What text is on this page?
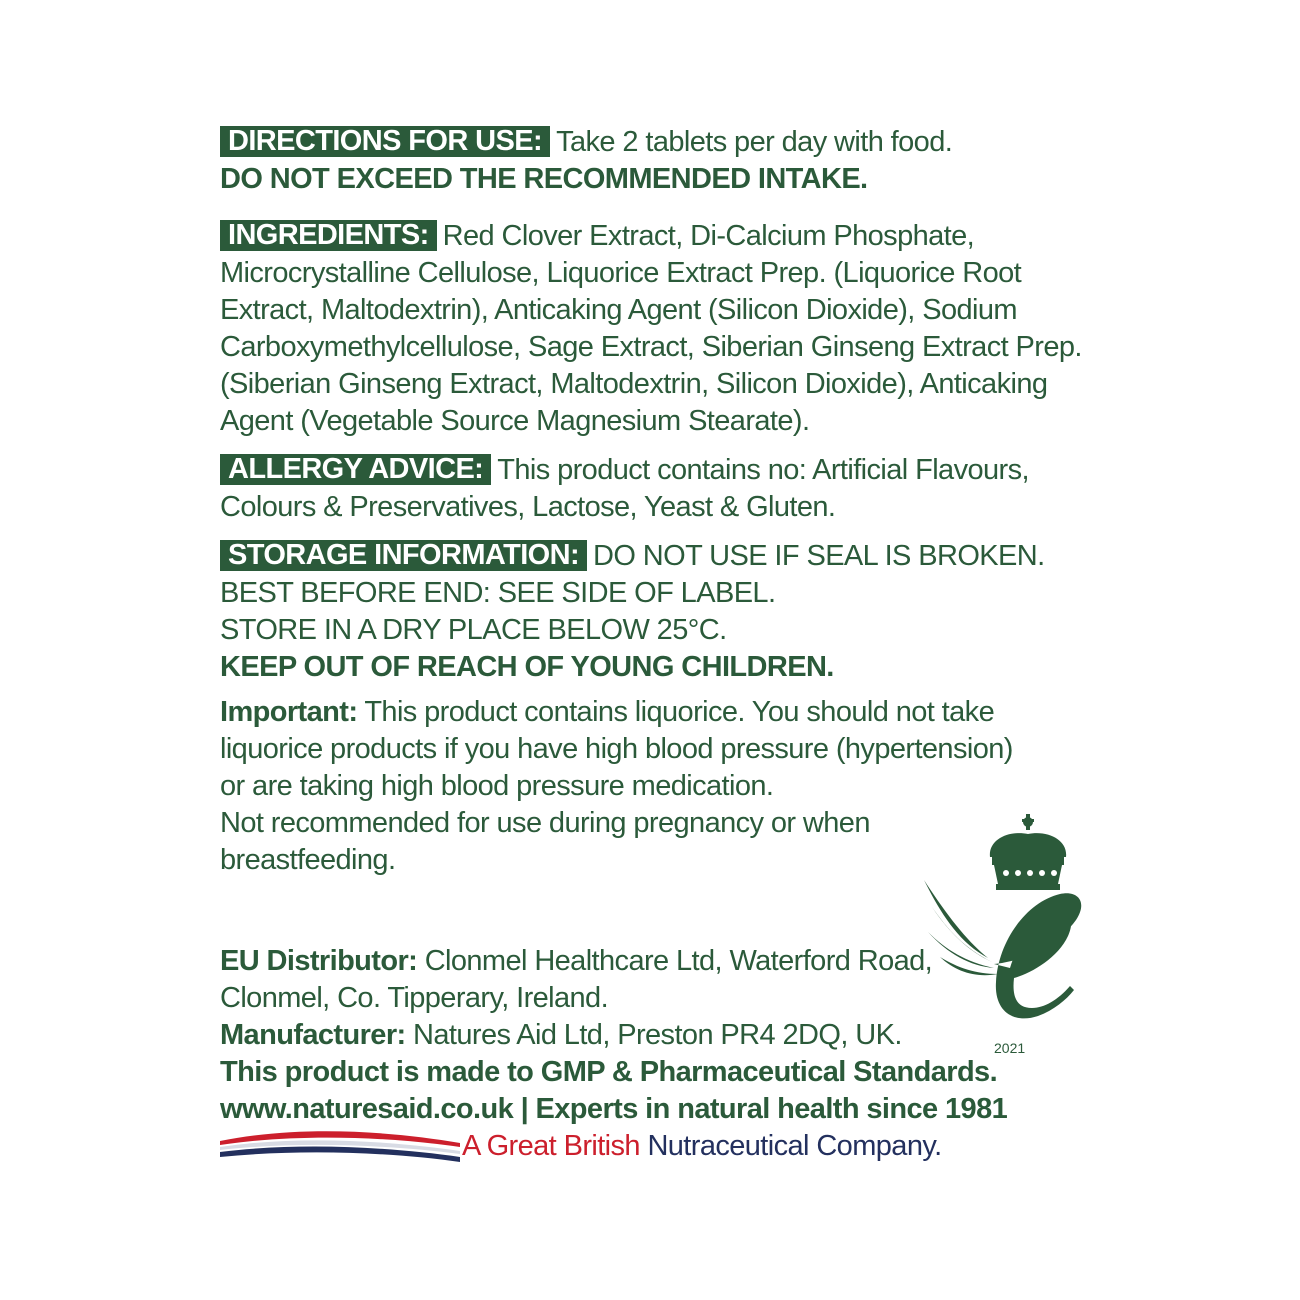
DIRECTIONS FOR USE: Take 2 tablets per day with food.
DO NOT EXCEED THE RECOMMENDED INTAKE.
INGREDIENTS: Red Clover Extract, Di-Calcium Phosphate,
Microcrystalline Cellulose, Liquorice Extract Prep. (Liquorice Root
Extract, Maltodextrin), Anticaking Agent (Silicon Dioxide), Sodium
Carboxymethylcellulose, Sage Extract, Siberian Ginseng Extract Prep.
(Siberian Ginseng Extract, Maltodextrin, Silicon Dioxide), Anticaking
Agent (Vegetable Source Magnesium Stearate).
ALLERGY ADVICE: This product contains no: Artificial Flavours,
Colours & Preservatives, Lactose, Yeast & Gluten.
STORAGE INFORMATION: DO NOT USE IF SEAL IS BROKEN.
BEST BEFORE END: SEE SIDE OF LABEL.
STORE IN A DRY PLACE BELOW 25°C.
KEEP OUT OF REACH OF YOUNG CHILDREN.
Important: This product contains liquorice. You should not take
liquorice products if you have high blood pressure (hypertension)
or are taking high blood pressure medication.
Not recommended for use during pregnancy or when
breastfeeding.
EU Distributor: Clonmel Healthcare Ltd, Waterford Road,
Clonmel, Co. Tipperary, Ireland.
Manufacturer: Natures Aid Ltd, Preston PR4 2DQ, UK.
This product is made to GMP & Pharmaceutical Standards.
www.naturesaid.co.uk | Experts in natural health since 1981
A Great British Nutraceutical Company.
2021
